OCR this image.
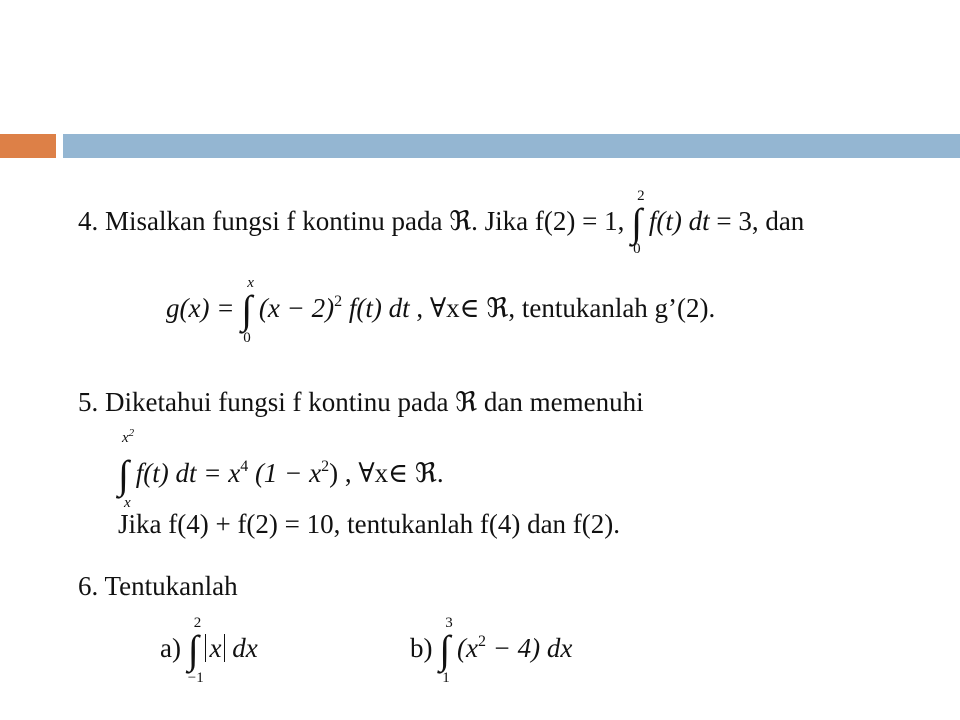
4. Misalkan fungsi f kontinu pada ℜ. Jika f(2) = 1, ∫
2
0
f(t) dt = 3, dan
g(x) = ∫
x
0
$(x - 2)^2$ f(t) dt , ∀x∈ ℜ, tentukanlah g’(2).
5. Diketahui fungsi f kontinu pada ℜ dan memenuhi
∫
$x^2$
x
f(t) dt = $x^4$ $(1 - x^2)$ , ∀x∈ ℜ.
Jika f(4) + f(2) = 10, tentukanlah f(4) dan f(2).
6. Tentukanlah
a) ∫
2
−1
x dx	b) ∫
3
1
$(x^2 - 4)$ dx
